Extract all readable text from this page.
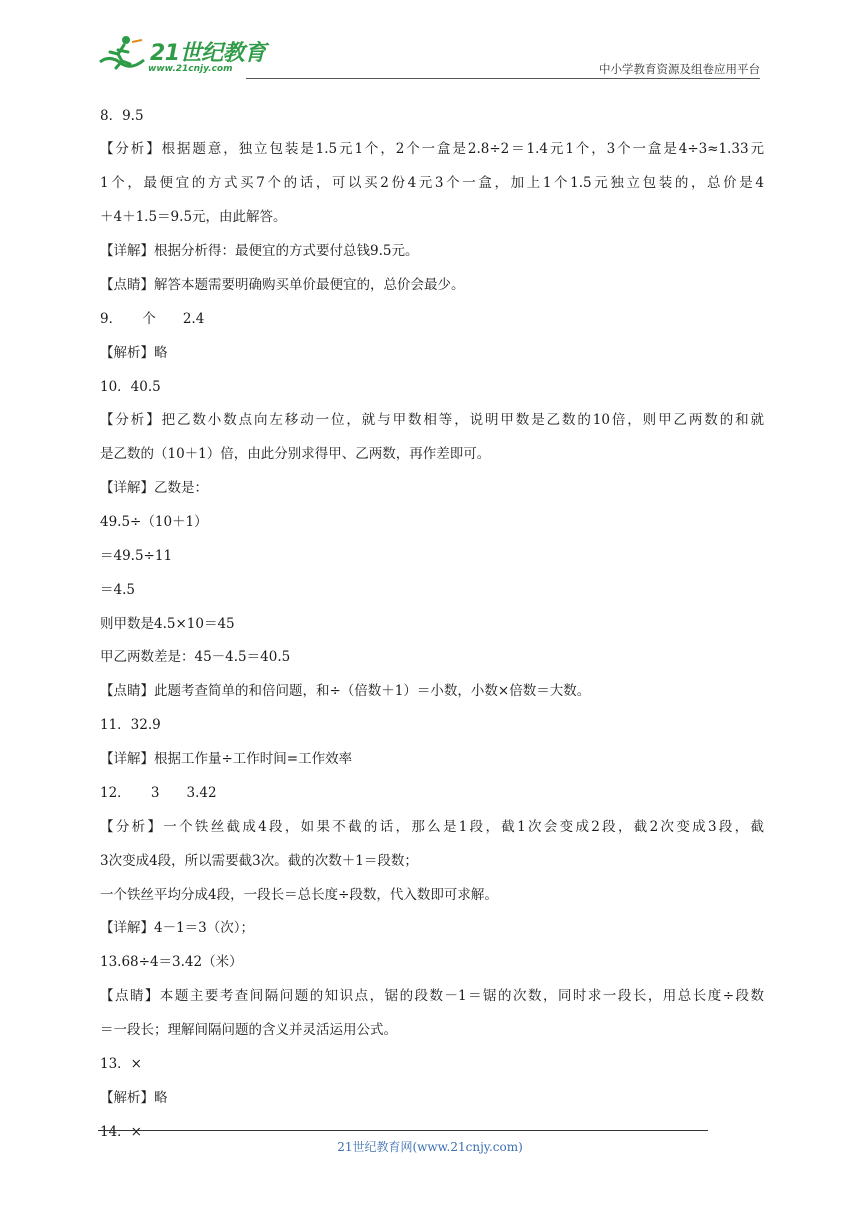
21世纪教育
www.21cnjy.com	中小学教育资源及组卷应用平台
8．9.5
【分析】根据题意，独立包装是1.5元1个，2个一盒是2.8÷2＝1.4元1个，3个一盒是4÷3≈1.33元
1个，最便宜的方式买7个的话，可以买2份4元3个一盒，加上1个1.5元独立包装的，总价是4
＋4＋1.5＝9.5元，由此解答。
【详解】根据分析得：最便宜的方式要付总钱9.5元。
【点睛】解答本题需要明确购买单价最便宜的，总价会最少。
9．　　个　　2.4
【解析】略
10．40.5
【分析】把乙数小数点向左移动一位，就与甲数相等，说明甲数是乙数的10倍，则甲乙两数的和就
是乙数的（10＋1）倍，由此分别求得甲、乙两数，再作差即可。
【详解】乙数是：
49.5÷（10＋1）
＝49.5÷11
＝4.5
则甲数是4.5×10＝45
甲乙两数差是：45－4.5＝40.5
【点睛】此题考查简单的和倍问题，和÷（倍数＋1）＝小数，小数×倍数＝大数。
11．32.9
【详解】根据工作量÷工作时间=工作效率
12．　　3　　3.42
【分析】一个铁丝截成4段，如果不截的话，那么是1段，截1次会变成2段，截2次变成3段，截
3次变成4段，所以需要截3次。截的次数＋1＝段数；
一个铁丝平均分成4段，一段长＝总长度÷段数，代入数即可求解。
【详解】4－1＝3（次）；
13.68÷4＝3.42（米）
【点睛】本题主要考查间隔问题的知识点，锯的段数－1＝锯的次数，同时求一段长，用总长度÷段数
＝一段长；理解间隔问题的含义并灵活运用公式。
13．×
【解析】略
14．×
21世纪教育网(www.21cnjy.com)
